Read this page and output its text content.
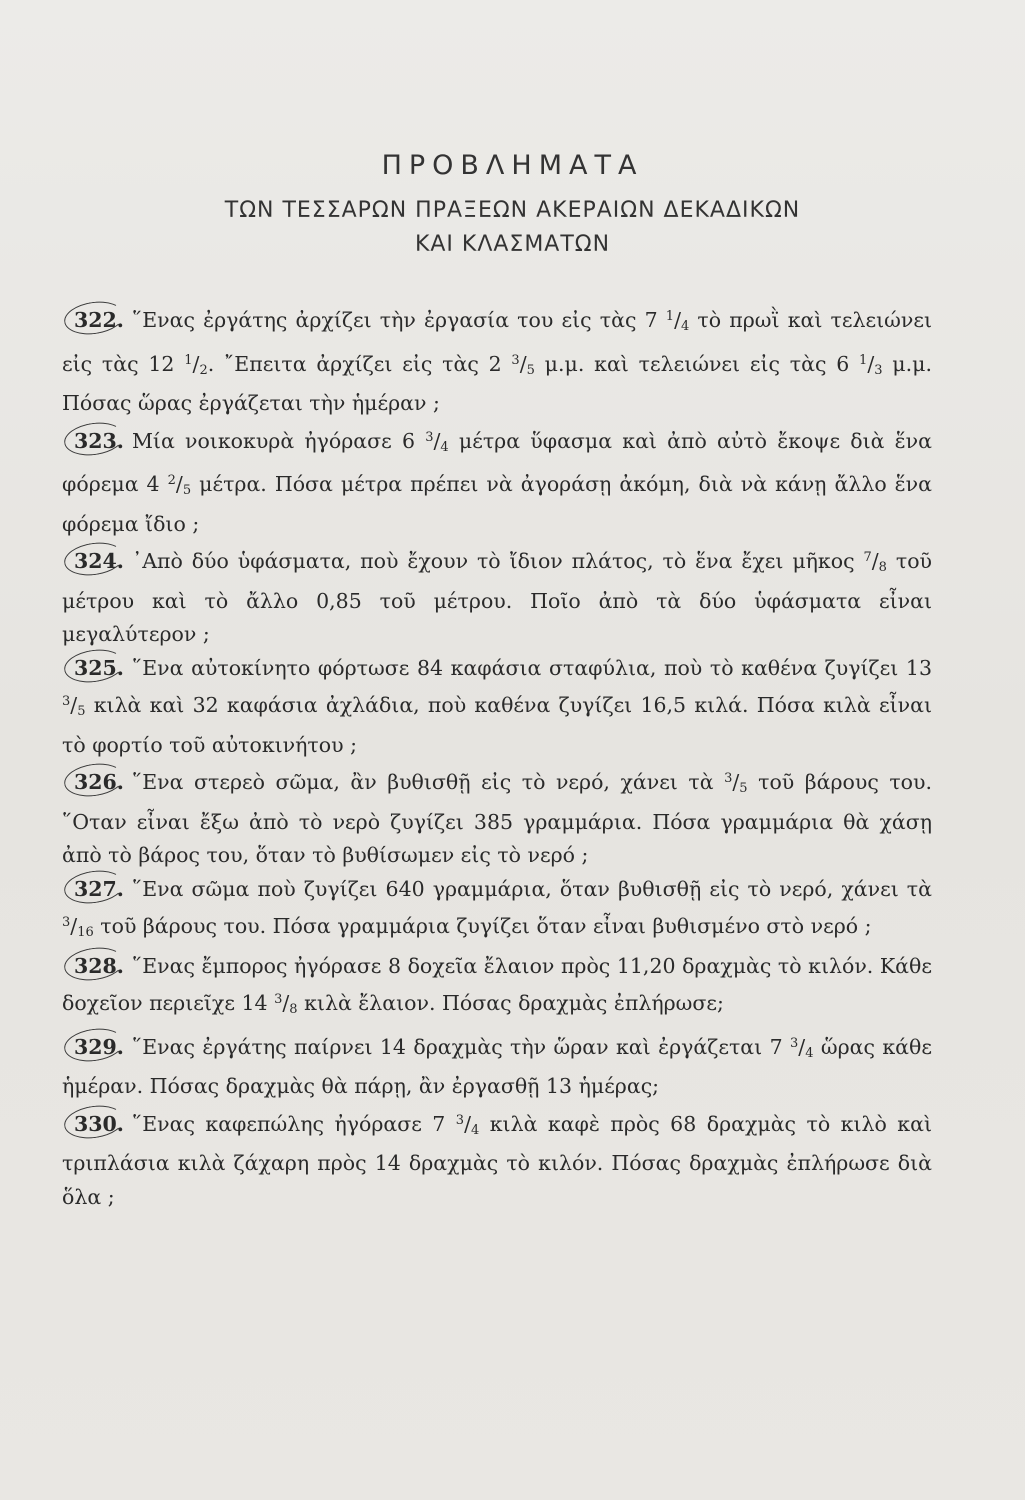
ΠΡΟΒΛΗΜΑΤΑ
ΤΩΝ ΤΕΣΣΑΡΩΝ ΠΡΑΞΕΩΝ ΑΚΕΡΑΙΩΝ ΔΕΚΑΔΙΚΩΝ
ΚΑΙ ΚΛΑΣΜΑΤΩΝ

322. ῞Ενας ἐργάτης ἀρχίζει τὴν ἐργασία του εἰς τὰς 7 $^1/_4$ τὸ πρωῒ καὶ τελειώνει εἰς τὰς 12 $^1/_2$. ῎Επειτα ἀρχίζει εἰς τὰς 2 $^3/_5$ μ.μ. καὶ τελειώνει εἰς τὰς 6 $^1/_3$ μ.μ. Πόσας ὥρας ἐργάζεται τὴν ἡμέραν ;

323. Μία νοικοκυρὰ ἠγόρασε 6 $^3/_4$ μέτρα ὕφασμα καὶ ἀπὸ αὐτὸ ἔκοψε διὰ ἕνα φόρεμα 4 $^2/_5$ μέτρα. Πόσα μέτρα πρέπει νὰ ἀγοράσῃ ἀκόμη, διὰ νὰ κάνῃ ἄλλο ἕνα φόρεμα ἴδιο ;

324. ᾿Απὸ δύο ὑφάσματα, ποὺ ἔχουν τὸ ἴδιον πλάτος, τὸ ἕνα ἔχει μῆκος $^7/_8$ τοῦ μέτρου καὶ τὸ ἄλλο 0,85 τοῦ μέτρου. Ποῖο ἀπὸ τὰ δύο ὑφάσματα εἶναι μεγαλύτερον ;

325. ῞Ενα αὐτοκίνητο φόρτωσε 84 καφάσια σταφύλια, ποὺ τὸ καθένα ζυγίζει 13 $^3/_5$ κιλὰ καὶ 32 καφάσια ἀχλάδια, ποὺ καθένα ζυγίζει 16,5 κιλά. Πόσα κιλὰ εἶναι τὸ φορτίο τοῦ αὐτοκινήτου ;

326. ῞Ενα στερεὸ σῶμα, ἂν βυθισθῇ εἰς τὸ νερό, χάνει τὰ $^3/_5$ τοῦ βάρους του. ῞Οταν εἶναι ἔξω ἀπὸ τὸ νερὸ ζυγίζει 385 γραμμάρια. Πόσα γραμμάρια θὰ χάσῃ ἀπὸ τὸ βάρος του, ὅταν τὸ βυθίσωμεν εἰς τὸ νερό ;

327. ῞Ενα σῶμα ποὺ ζυγίζει 640 γραμμάρια, ὅταν βυθισθῇ εἰς τὸ νερό, χάνει τὰ $^3/_{16}$ τοῦ βάρους του. Πόσα γραμμάρια ζυγίζει ὅταν εἶναι βυθισμένο στὸ νερό ;

328. ῞Ενας ἔμπορος ἠγόρασε 8 δοχεῖα ἔλαιον πρὸς 11,20 δραχμὰς τὸ κιλόν. Κάθε δοχεῖον περιεῖχε 14 $^3/_8$ κιλὰ ἔλαιον. Πόσας δραχμὰς ἐπλήρωσε;

329. ῞Ενας ἐργάτης παίρνει 14 δραχμὰς τὴν ὥραν καὶ ἐργάζεται 7 $^3/_4$ ὥρας κάθε ἡμέραν. Πόσας δραχμὰς θὰ πάρῃ, ἂν ἐργασθῇ 13 ἡμέρας;

330. ῞Ενας καφεπώλης ἠγόρασε 7 $^3/_4$ κιλὰ καφὲ πρὸς 68 δραχμὰς τὸ κιλὸ καὶ τριπλάσια κιλὰ ζάχαρη πρὸς 14 δραχμὰς τὸ κιλόν. Πόσας δραχμὰς ἐπλήρωσε διὰ ὅλα ;
